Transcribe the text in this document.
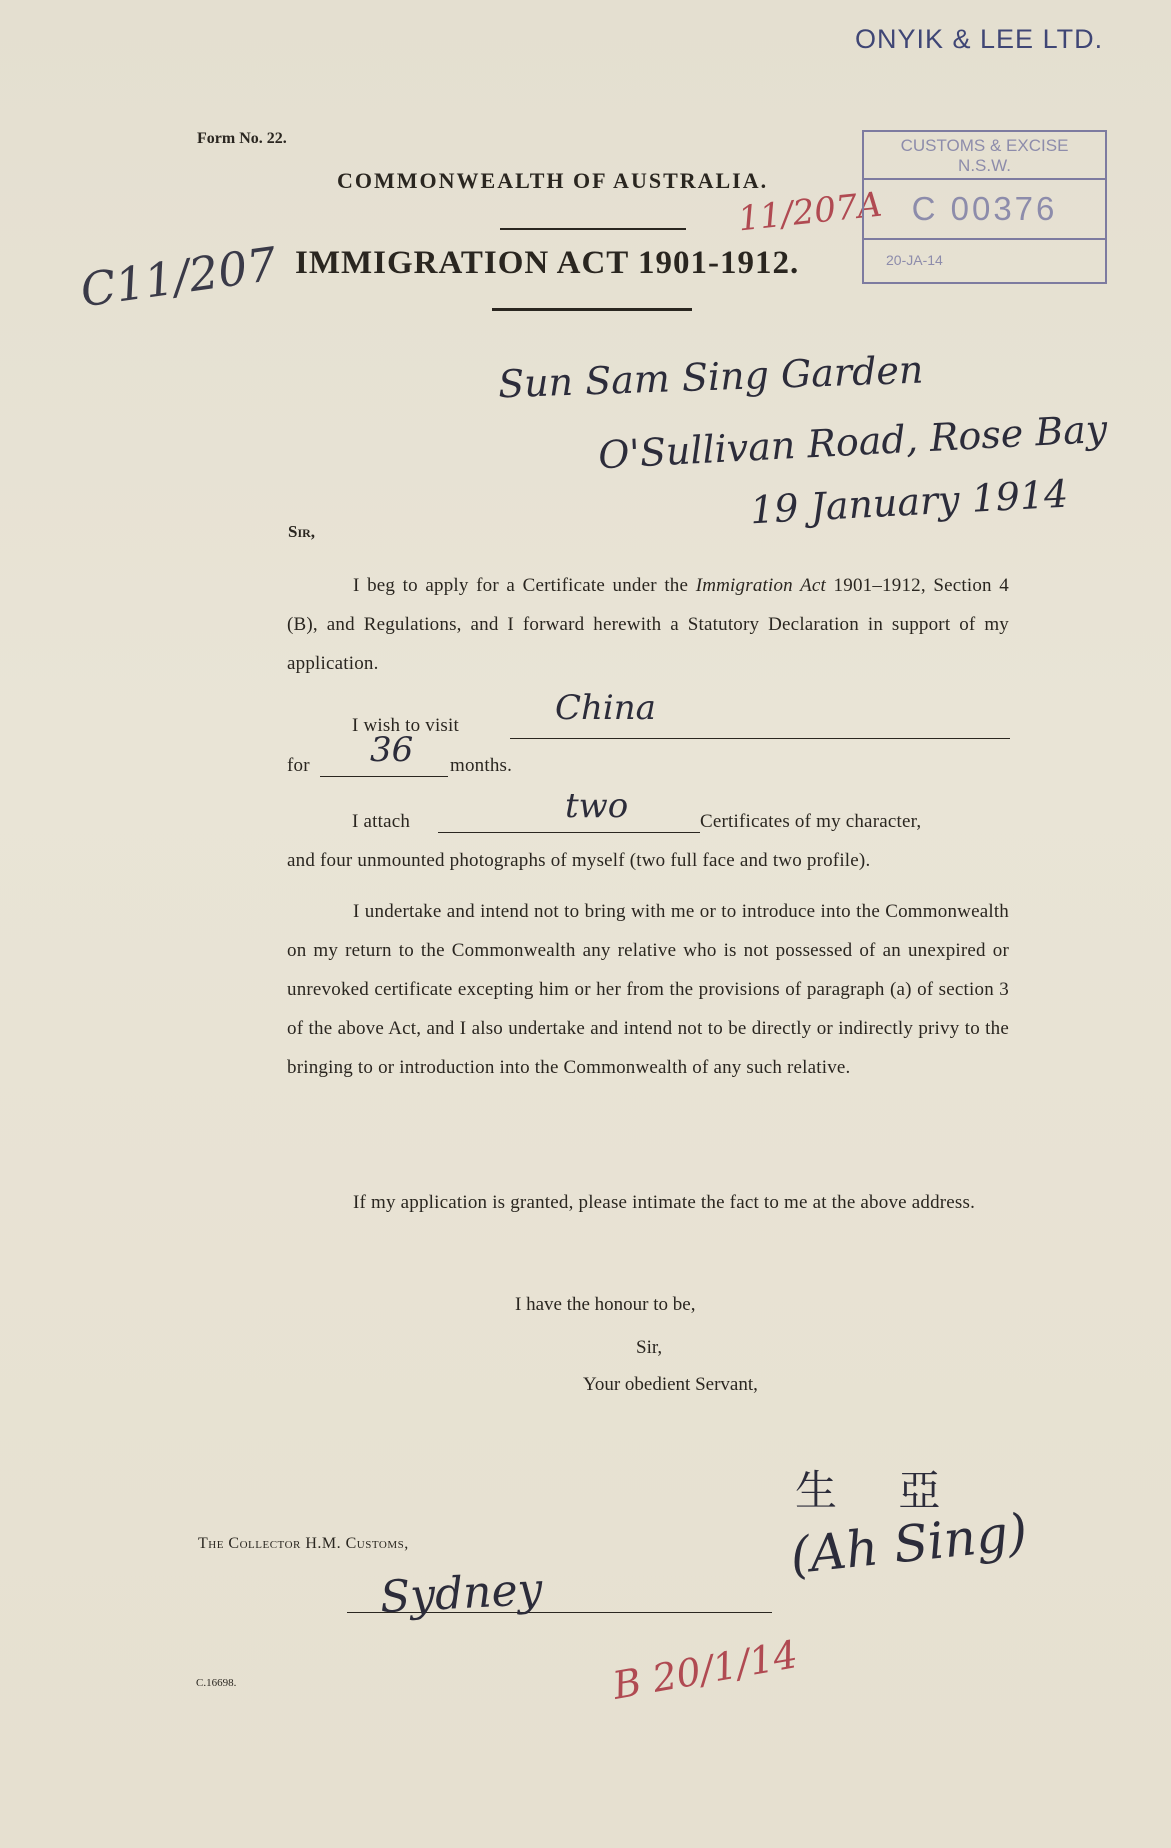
ONYIK & LEE LTD.
Form No. 22.
COMMONWEALTH OF AUSTRALIA.
C11/207 IMMIGRATION ACT 1901-1912.
11/207A
CUSTOMS & EXCISE
N.S.W.
C 00376
20-JA-14
Sun Sam Sing Garden
O'Sullivan Road, Rose Bay
19 January 1914
Sir,
I beg to apply for a Certificate under the Immigration Act 1901–1912, Section 4 (B), and Regulations, and I forward herewith a Statutory Declaration in support of my application.
I wish to visit	China
for 36 months.
I attach	two	Certificates of my character,
and four unmounted photographs of myself (two full face and two profile).
I undertake and intend not to bring with me or to introduce into the Commonwealth on my return to the Commonwealth any relative who is not possessed of an unexpired or unrevoked certificate excepting him or her from the provisions of paragraph (a) of section 3 of the above Act, and I also undertake and intend not to be directly or indirectly privy to the bringing to or introduction into the Commonwealth of any such relative.
If my application is granted, please intimate the fact to me at the above address.
I have the honour to be,
Sir,
Your obedient Servant,
生 亞
(Ah Sing)
The Collector H.M. Customs,
Sydney
B 20/1/14
C.16698.
